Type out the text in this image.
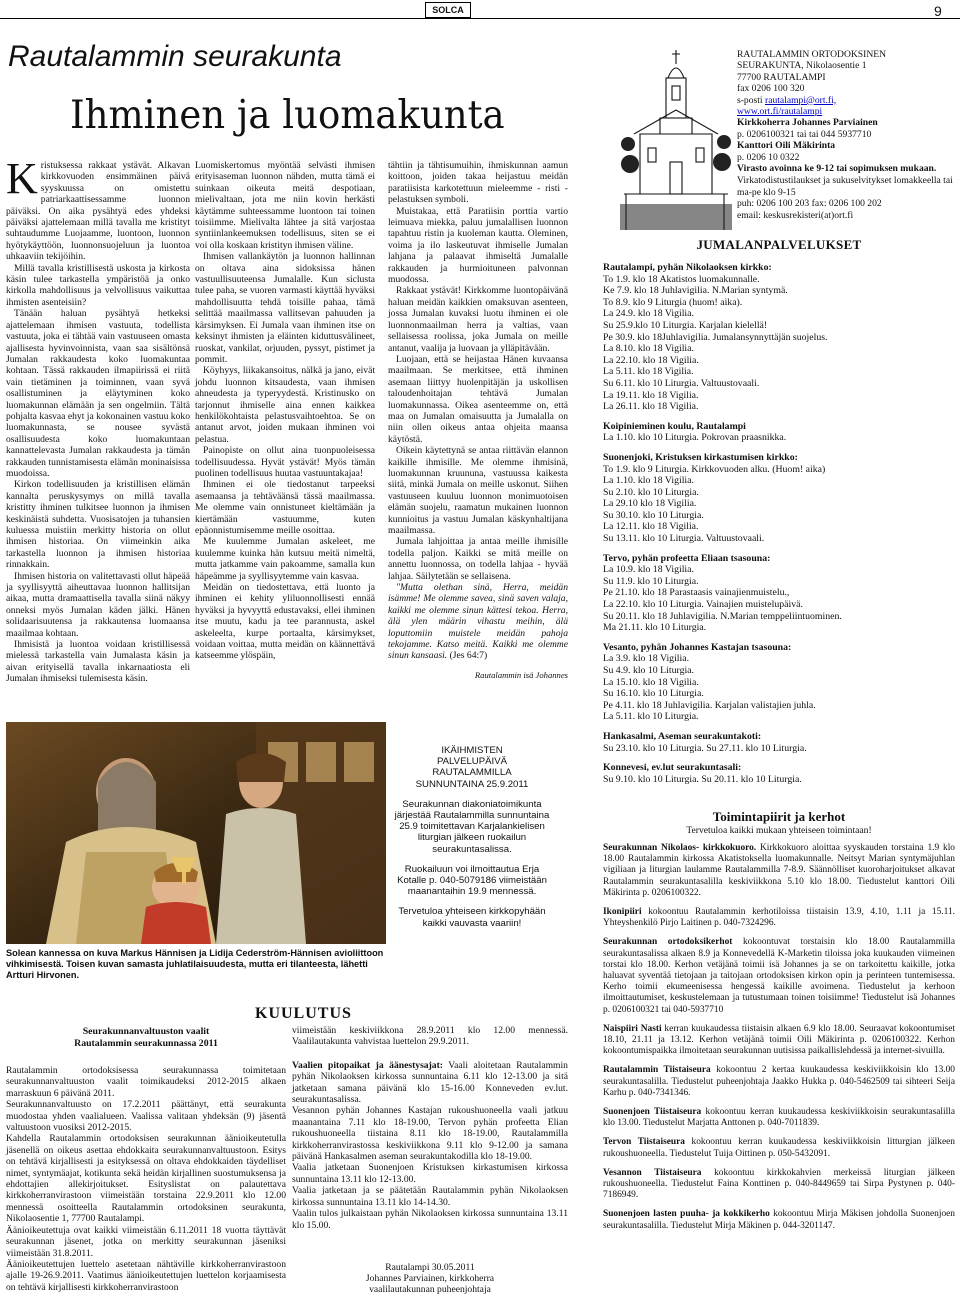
SOLCA	9
Rautalammin seurakunta
Ihminen ja luomakunta

Kristuksessa rakkaat ystävät. Alkavan kirkkovuoden ensimmäinen päivä syyskuussa on omistettu patriarkaattisessamme luonnon päiväksi. On aika pysähtyä edes yhdeksi päiväksi ajattelemaan millä tavalla me kristityt suhtaudumme Luojaamme, luontoon, luonnon hyötykäyttöön, luonnonsuojeluun ja luontoa uhkaaviin tekijöihin.

Millä tavalla kristillisestä uskosta ja kirkosta käsin tulee tarkastella ympäristöä ja onko kirkolla mahdollisuus ja velvollisuus vaikuttaa ihmisten asenteisiin?

Tänään haluan pysähtyä hetkeksi ajattelemaan ihmisen vastuuta, todellista vastuuta, joka ei tähtää vain vastuuseen omasta ajallisesta hyvinvoinnista, vaan saa sisältönsä Jumalan rakkaudesta koko luomakuntaa kohtaan. Tässä rakkauden ilmapiirissä ei riitä vain tietäminen ja toiminnen, vaan syvä osallistuminen ja eläytyminen koko luomakunnan elämään ja sen ongelmiin. Tältä pohjalta kasvaa ehyt ja kokonainen vastuu koko luomakunnasta, se nousee syvästä osallisuudesta koko luomakuntaan kannattelevasta Jumalan rakkaudesta ja tämän rakkauden tunnistamisesta elämän moninaisissa muodoissa.

Kirkon todellisuuden ja kristillisen elämän kannalta peruskysymys on millä tavalla kristitty ihminen tulkitsee luonnon ja ihmisen keskinäistä suhdetta. Vuosisatojen ja tuhansien kuluessa muistiin merkitty historia on ollut ihmisen historiaa. On viimeinkin aika tarkastella luonnon ja ihmisen historiaa rinnakkain.

Ihmisen historia on valitettavasti ollut häpeää ja syyllisyyttä aiheuttavaa luonnon hallitsijan aikaa, mutta dramaattisella tavalla siinä näkyy onneksi myös Jumalan käden jälki. Hänen solidaarisuutensa ja rakkautensa luomaansa maailmaa kohtaan.

Ihmisistä ja luontoa voidaan kristillisessä mielessä tarkastella vain Jumalasta käsin ja aivan erityisellä tavalla inkarnaatiosta eli Jumalan ihmiseksi tulemisesta käsin.

Luomiskertomus myöntää selvästi ihmisen erityisaseman luonnon nähden, mutta tämä ei suinkaan oikeuta meitä despotiaan, mielivaltaan, jota me niin kovin herkästi käytämme suhteessamme luontoon tai toinen toisiimme. Mielivalta lähtee ja sitä varjostaa syntiinlankeemuksen todellisuus, siten se ei voi olla koskaan kristityn ihmisen väline.

Ihmisen vallankäytön ja luonnon hallinnan on oltava aina sidoksissa hänen vastuullisuuteensa Jumalalle. Kun siclusta tulee paha, se vuoren varmasti käyttää hyväksi mahdollisuutta tehdä toisille pahaa, tämä selittää maailmassa vallitsevan pahuuden ja kärsimyksen. Ei Jumala vaan ihminen itse on keksinyt ihmisten ja eläinten kiduttusvälineet, ruoskat, vankilat, orjuuden, pyssyt, pistimet ja pommit.

Köyhyys, liikakansoitus, nälkä ja jano, eivät johdu luonnon kitsaudesta, vaan ihmisen ahneudesta ja typeryydestä. Kristinusko on tarjonnut ihmiselle aina ennen kaikkea henkilökohtaista pelastusvaihtoehtoa. Se on antanut arvot, joiden mukaan ihminen voi pelastua.

Painopiste on ollut aina tuonpuoleisessa todellisuudessa. Hyvät ystävät! Myös tämän puolinen todellisuus huutaa vastuuntakajaa!

Ihminen ei ole tiedostanut tarpeeksi asemaansa ja tehtäväänsä tässä maailmassa. Me olemme vain onnistuneet kieltämään ja kiertämään vastuumme, kuten epäonnistumisemme meille osoittaa.

Me kuulemme Jumalan askeleet, me kuulemme kuinka hän kutsuu meitä nimeltä, mutta jatkamme vain pakoamme, samalla kun häpeämme ja syyllisyytemme vain kasvaa.

Meidän on tiedostettava, että luonto ja ihminen ei kehity yliluonnollisesti ennää hyväksi ja hyvyyttä edustavaksi, ellei ihminen itse muutu, kadu ja tee parannusta, askel askeleelta, kurpe portaalta, kärsimykset, voidaan voittaa, mutta meidän on käännettävä katseemme ylöspäin,

tähtiin ja tähtisumuihin, ihmiskunnan aamun koittoon, joiden takaa heijastuu meidän paratiisista karkotettuun mieleemme - risti - pelastuksen symboli.

Muistakaa, että Paratiisin porttia vartio leimuava miekka, paluu jumalallisen luonnon tapahtuu ristin ja kuoleman kautta. Oleminen, voima ja ilo laskeutuvat ihmiselle Jumalan lahjana ja palaavat ihmiseltä Jumalalle rakkauden ja hurmioituneen palvonnan muodossa.

Rakkaat ystävät! Kirkkomme luontopäivänä haluan meidän kaikkien omaksuvan asenteen, jossa Jumalan kuvaksi luotu ihminen ei ole luonnonmaailman herra ja valtias, vaan sellaisessa roolissa, joka Jumala on meille antanut, vaalija ja luovaan ja ylläpitävään.

Luojaan, että se heijastaa Hänen kuvaansa maailmaan. Se merkitsee, että ihminen asemaan liittyy huolenpitäjän ja uskollisen taloudenhoitajan tehtävä Jumalan luomakunnassa. Oikea asenteemme on, että maa on Jumalan omaisuutta ja Jumalalla on niin ollen oikeus antaa ohjeita maansa käytöstä.

Oikein käytettynä se antaa riittävän elannon kaikille ihmisille. Me olemme ihmisinä, luomakunnan kruununa, vastuussa kaikesta siitä, minkä Jumala on meille uskonut. Siihen vastuuseen kuuluu luonnon monimuotoisen elämän suojelu, raamatun mukainen luonnon kunnioitus ja vastuu Jumalan käskynhaltijana maailmassa.

Jumala lahjoittaa ja antaa meille ihmisille todella paljon. Kaikki se mitä meille on annettu luonnossa, on todella lahjaa - hyvää lahjaa. Säilytetään se sellaisena.

"Mutta olethan sinä, Herra, meidän isämme! Me olemme savea, sinä saven valaja, kaikki me olemme sinun kättesi tekoa. Herra, älä ylen määrin vihastu meihin, älä loputtomiin muistele meidän pahoja tekojamme. Katso meitä. Kaikki me olemme sinun kansaasi. (Jes 64:7)

Rautalammin isä Johannes

RAUTALAMMIN ORTODOKSINEN
SEURAKUNTA, Nikolaosentie 1
77700 RAUTALAMPI
fax 0206 100 320
s-posti rautalampi@ort.fi,
www.ort.fi/rautalampi
Kirkkoherra Johannes Parviainen
p. 0206100321 tai tai 044 5937710
Kanttori Oili Mäkirinta
p. 0206 10 0322
Virasto avoinna ke 9-12 tai sopimuksen mukaan.
Virkatodistustilaukset ja sukuselvitykset lomakkeella tai ma-pe klo 9-15
puh: 0206 100 203 fax: 0206 100 202
email: keskusrekisteri(at)ort.fi
JUMALANPALVELUKSET
Rautalampi, pyhän Nikolaoksen kirkko:
To 1.9. klo 18 Akatistos luomakunnalle.
Ke 7.9. klo 18 Juhlavigilia. N.Marian syntymä.
To 8.9. klo 9 Liturgia (huom! aika).
La 24.9. klo 18 Vigilia.
Su 25.9.klo 10 Liturgia. Karjalan kielellä!
Pe 30.9. klo 18Juhlavigilia. Jumalansynnyttäjän suojelus.
La 8.10. klo 18 Vigilia.
La 22.10. klo 18 Vigilia.
La 5.11. klo 18 Vigilia.
Su 6.11. klo 10 Liturgia. Valtuustovaali.
La 19.11. klo 18 Vigilia.
La 26.11. klo 18 Vigilia.
Koipinieminen koulu, Rautalampi
La 1.10. klo 10 Liturgia. Pokrovan praasnikka.
Suonenjoki, Kristuksen kirkastumisen kirkko:
To 1.9. klo 9 Liturgia. Kirkkovuoden alku. (Huom! aika)
La 1.10. klo 18 Vigilia.
Su 2.10. klo 10 Liturgia.
La 29.10 klo 18 Vigilia.
Su 30.10. klo 10 Liturgia.
La 12.11. klo 18 Vigilia.
Su 13.11. klo 10 Liturgia. Valtuustovaali.
Tervo, pyhän profeetta Eliaan tsasouna:
La 10.9. klo 18 Vigilia.
Su 11.9. klo 10 Liturgia.
Pe 21.10. klo 18 Parastaasis vainajienmuistelu.,
La 22.10. klo 10 Liturgia. Vainajien muistelupäivä.
Su 20.11. klo 18 Juhlavigilia. N.Marian temppeliintuominen.
Ma 21.11. klo 10 Liturgia.
Vesanto, pyhän Johannes Kastajan tsasouna:
La 3.9. klo 18 Vigilia.
Su 4.9. klo 10 Liturgia.
La 15.10. klo 18 Vigilia.
Su 16.10. klo 10 Liturgia.
Pe 4.11. klo 18 Juhlavigilia. Karjalan valistajien juhla.
La 5.11. klo 10 Liturgia.
Hankasalmi, Aseman seurakuntakoti:
Su 23.10. klo 10 Liturgia. Su 27.11. klo 10 Liturgia.
Konnevesi, ev.lut seurakuntasali:
Su 9.10. klo 10 Liturgia. Su 20.11. klo 10 Liturgia.
Toimintapiirit ja kerhot
Tervetuloa kaikki mukaan yhteiseen toimintaan!

Seurakunnan Nikolaos- kirkkokuoro. Kirkkokuoro aloittaa syyskauden torstaina 1.9 klo 18.00 Rautalammin kirkossa Akatistoksella luomakunnalle. Neitsyt Marian syntymäjuhlan vigiliaan ja liturgian laulamme Rautalammilla 7-8.9. Säännölliset kuoroharjoitukset alkavat Rautalammin seurakuntasalilla keskiviikkona 5.10 klo 18.00. Tiedustelut kanttori Oili Mäkirinta p. 0206100322.

Ikonipiiri kokoontuu Rautalammin kerhotiloissa tiistaisin 13.9, 4.10, 1.11 ja 15.11. Yhteyshenkilö Pirjo Laitinen p. 040-7324296.

Seurakunnan ortodoksikerhot kokoontuvat torstaisin klo 18.00 Rautalammilla seurakuntasalissa alkaen 8.9 ja Konnevedellä K-Marketin tiloissa joka kuukauden viimeinen torstai klo 18.00. Kerhon vetäjänä toimii isä Johannes ja se on tarkoitettu kaikille, jotka haluavat syventää tietojaan ja taitojaan ortodoksisen kirkon opin ja perinteen tuntemisessa. Kerho toimii ekumeenisessa hengessä kaikille avoimena. Tiedustelut ja kerhoon ilmoittautumiset, keskustelemaan ja tutustumaan toinen toisiimme! Tiedustelut isä Johannes p. 0206100321 tai 040-5937710

Naispiiri Nasti kerran kuukaudessa tiistaisin alkaen 6.9 klo 18.00. Seuraavat kokoontumiset 18.10, 21.11 ja 13.12. Kerhon vetäjänä toimii Oili Mäkirinta p. 0206100322. Kerhon kokoontumispaikka ilmoitetaan seurakunnan uutisissa paikallislehdessä ja internet-sivuilla.

Rautalammin Tiistaiseura kokoontuu 2 kertaa kuukaudessa keskiviikkoisin klo 13.00 seurakuntasalilla. Tiedustelut puheenjohtaja Jaakko Hukka p. 040-5462509 tai sihteeri Seija Karhu p. 040-7341346.

Suonenjoen Tiistaiseura kokoontuu kerran kuukaudessa keskiviikkoisin seurakuntasalilla klo 13.00. Tiedustelut Marjatta Anttonen p. 040-7011839.

Tervon Tiistaiseura kokoontuu kerran kuukaudessa keskiviikkoisin litturgian jälkeen rukoushuoneella. Tiedustelut Tuija Oittinen p. 050-5432091.

Vesannon Tiistaiseura kokoontuu kirkkokahvien merkeissä liturgian jälkeen rukoushuoneella. Tiedustelut Faina Konttinen p. 040-8449659 tai Sirpa Pystynen p. 040-7186949.

Suonenjoen lasten puuha- ja kokkikerho kokoontuu Mirja Mäkisen johdolla Suonenjoen seurakuntasalilla. Tiedustelut Mirja Mäkinen p. 044-3201147.

Solean kannessa on kuva Markus Hännisen ja Lidija Cederström-Hännisen avioliittoon vihkimisestä. Toisen kuvan samasta juhlatilaisuudesta, mutta eri tilanteesta, lähetti Artturi Hirvonen.
IKÄIHMISTEN
PALVELUPÄIVÄ
RAUTALAMMILLA
SUNNUNTAINA 25.9.2011

Seurakunnan diakoniatoimikunta järjestää Rautalammilla sunnuntaina 25.9 toimitettavan Karjalankielisen liturgian jälkeen ruokailun seurakuntasalissa.

Ruokailuun voi ilmoittautua Erja Kotalle p. 040-5079186 viimeistään maanantaihin 19.9 mennessä.

Tervetuloa yhteiseen kirkkopyhään kaikki vauvasta vaariin!

KUULUTUS
Seurakunnanvaltuuston vaalit
Rautalammin seurakunnassa 2011

Rautalammin ortodoksisessa seurakunnassa toimitetaan seurakunnanvaltuuston vaalit toimikaudeksi 2012-2015 alkaen marraskuun 6 päivänä 2011.

Seurakunnanvaltuusto on 17.2.2011 päättänyt, että seurakunta muodostaa yhden vaalialueen. Vaalissa valitaan yhdeksän (9) jäsentä valtuustoon vuosiksi 2012-2015.

Kahdella Rautalammin ortodoksisen seurakunnan äänioikeutetulla jäsenellä on oikeus asettaa ehdokkaita seurakunnanvaltuustoon. Esitys on tehtävä kirjallisesti ja esityksessä on oltava ehdokkaiden täydelliset nimet, syntymäajat, kotikunta sekä heidän kirjallinen suostumuksensa ja ehdottajien allekirjoitukset. Esityslistat on palautettava kirkkoherranvirastoon viimeistään torstaina 22.9.2011 klo 12.00 mennessä osoitteella Rautalammin ortodoksinen seurakunta, Nikolaosentie 1, 77700 Rautalampi.

Äänioikeutettuja ovat kaikki viimeistään 6.11.2011 18 vuotta täyttävät seurakunnan jäsenet, jotka on merkitty seurakunnan jäseniksi viimeistään 31.8.2011.

Äänioikeutettujen luettelo asetetaan nähtäville kirkkoherranvirastoon ajalle 19-26.9.2011. Vaatimus äänioikeutettujen luettelon korjaamisesta on tehtävä kirjallisesti kirkkoherranvirastoon

viimeistään keskiviikkona 28.9.2011 klo 12.00 mennessä. Vaalilautakunta vahvistaa luettelon 29.9.2011.

Vaalien pitopaikat ja äänestysajat: Vaali aloitetaan Rautalammin pyhän Nikolaoksen kirkossa sunnuntaina 6.11 klo 12-13.00 ja sitä jatketaan samana päivänä klo 15-16.00 Konneveden ev.lut. seurakuntasalissa.

Vesannon pyhän Johannes Kastajan rukoushuoneella vaali jatkuu maanantaina 7.11 klo 18-19.00, Tervon pyhän profeetta Elian rukoushuoneella tiistaina 8.11 klo 18-19.00, Rautalammilla kirkkoherranvirastossa keskiviikkona 9.11 klo 9-12.00 ja samana päivänä Hankasalmen aseman seurakuntakodilla klo 18-19.00.

Vaalia jatketaan Suonenjoen Kristuksen kirkastumisen kirkossa sunnuntaina 13.11 klo 12-13.00.

Vaalia jatketaan ja se päätetään Rautalammin pyhän Nikolaoksen kirkossa sunnuntaina 13.11 klo 14-14.30.

Vaalin tulos julkaistaan pyhän Nikolaoksen kirkossa sunnuntaina 13.11 klo 15.00.

Rautalampi 30.05.2011
Johannes Parviainen, kirkkoherra
vaalilautakunnan puheenjohtaja
